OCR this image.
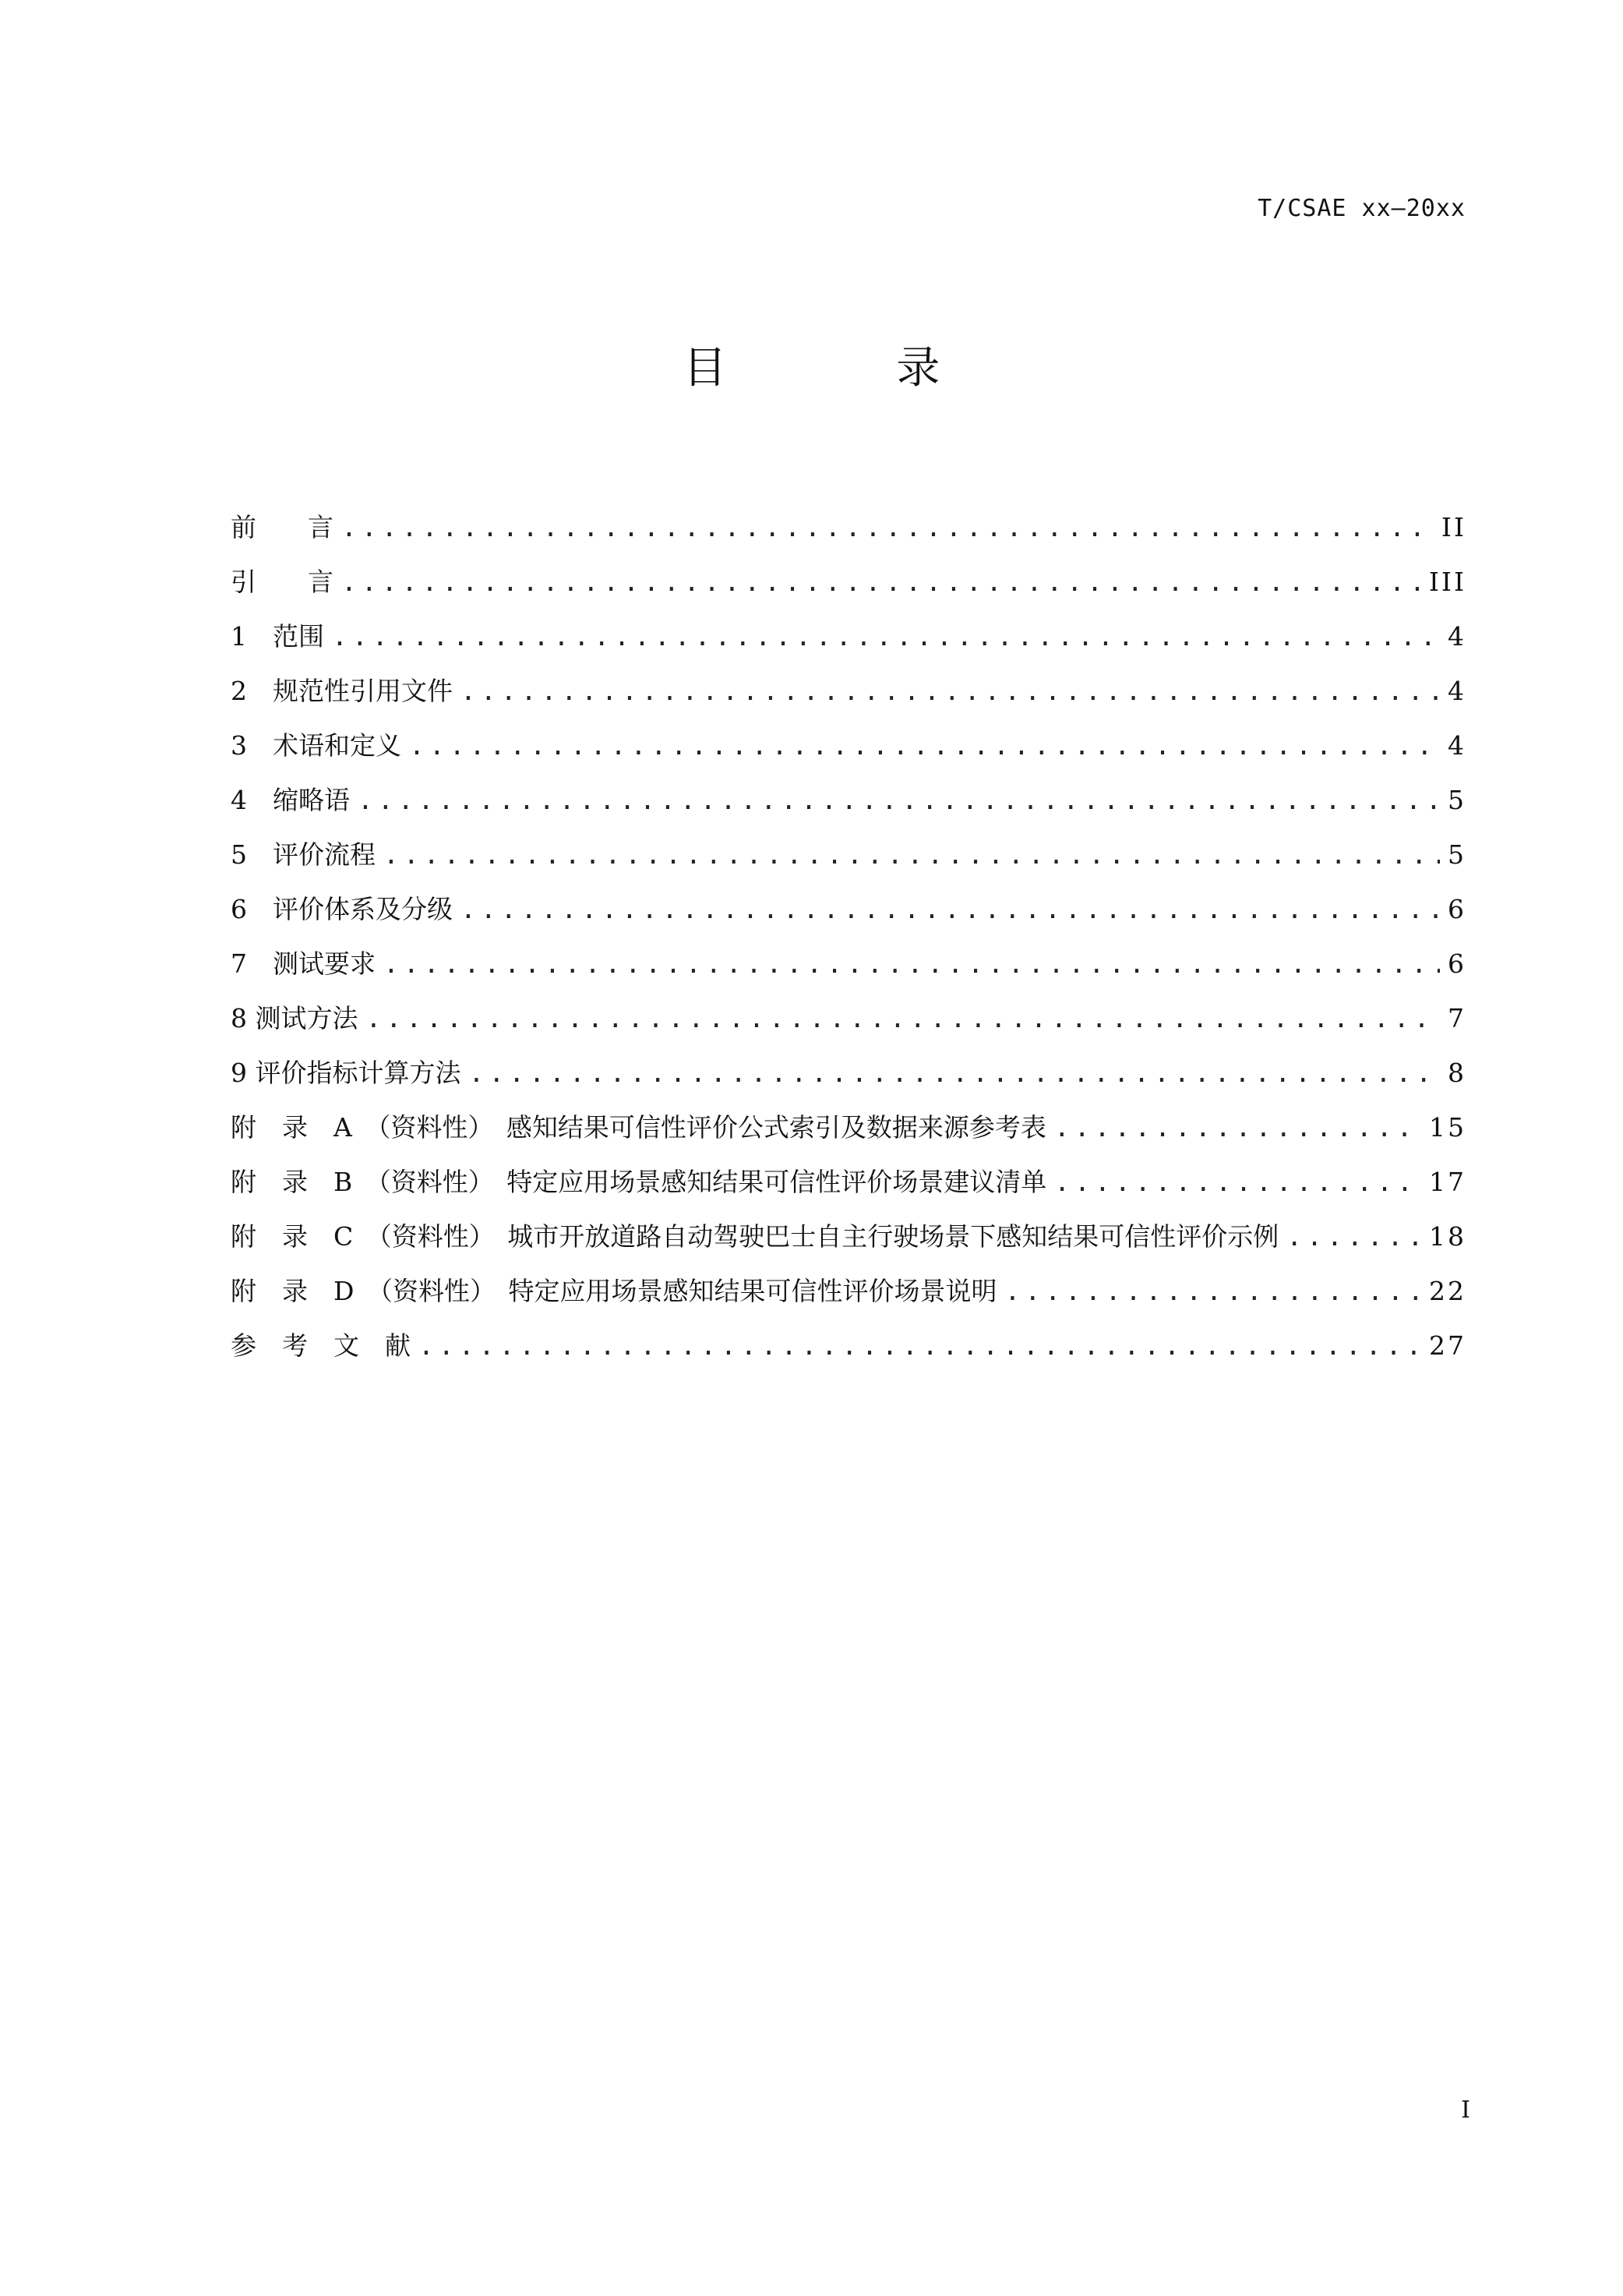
T/CSAE xx—20xx
目 录
前　　言 .....	II
引　　言 .....	III
1　范围 .....	4
2　规范性引用文件 .....	4
3　术语和定义 .....	4
4　缩略语 .....	5
5　评价流程 .....	5
6　评价体系及分级 .....	6
7　测试要求 .....	6
8 测试方法 .....	7
9 评价指标计算方法 .....	8
附　录　A　（资料性）　感知结果可信性评价公式索引及数据来源参考表 .....	15
附　录　B　（资料性）　特定应用场景感知结果可信性评价场景建议清单 .....	17
附　录　C　（资料性）　城市开放道路自动驾驶巴士自主行驶场景下感知结果可信性评价示例 .....	18
附　录　D　（资料性）　特定应用场景感知结果可信性评价场景说明 .....	22
参　考　文　献 .....	27
I
